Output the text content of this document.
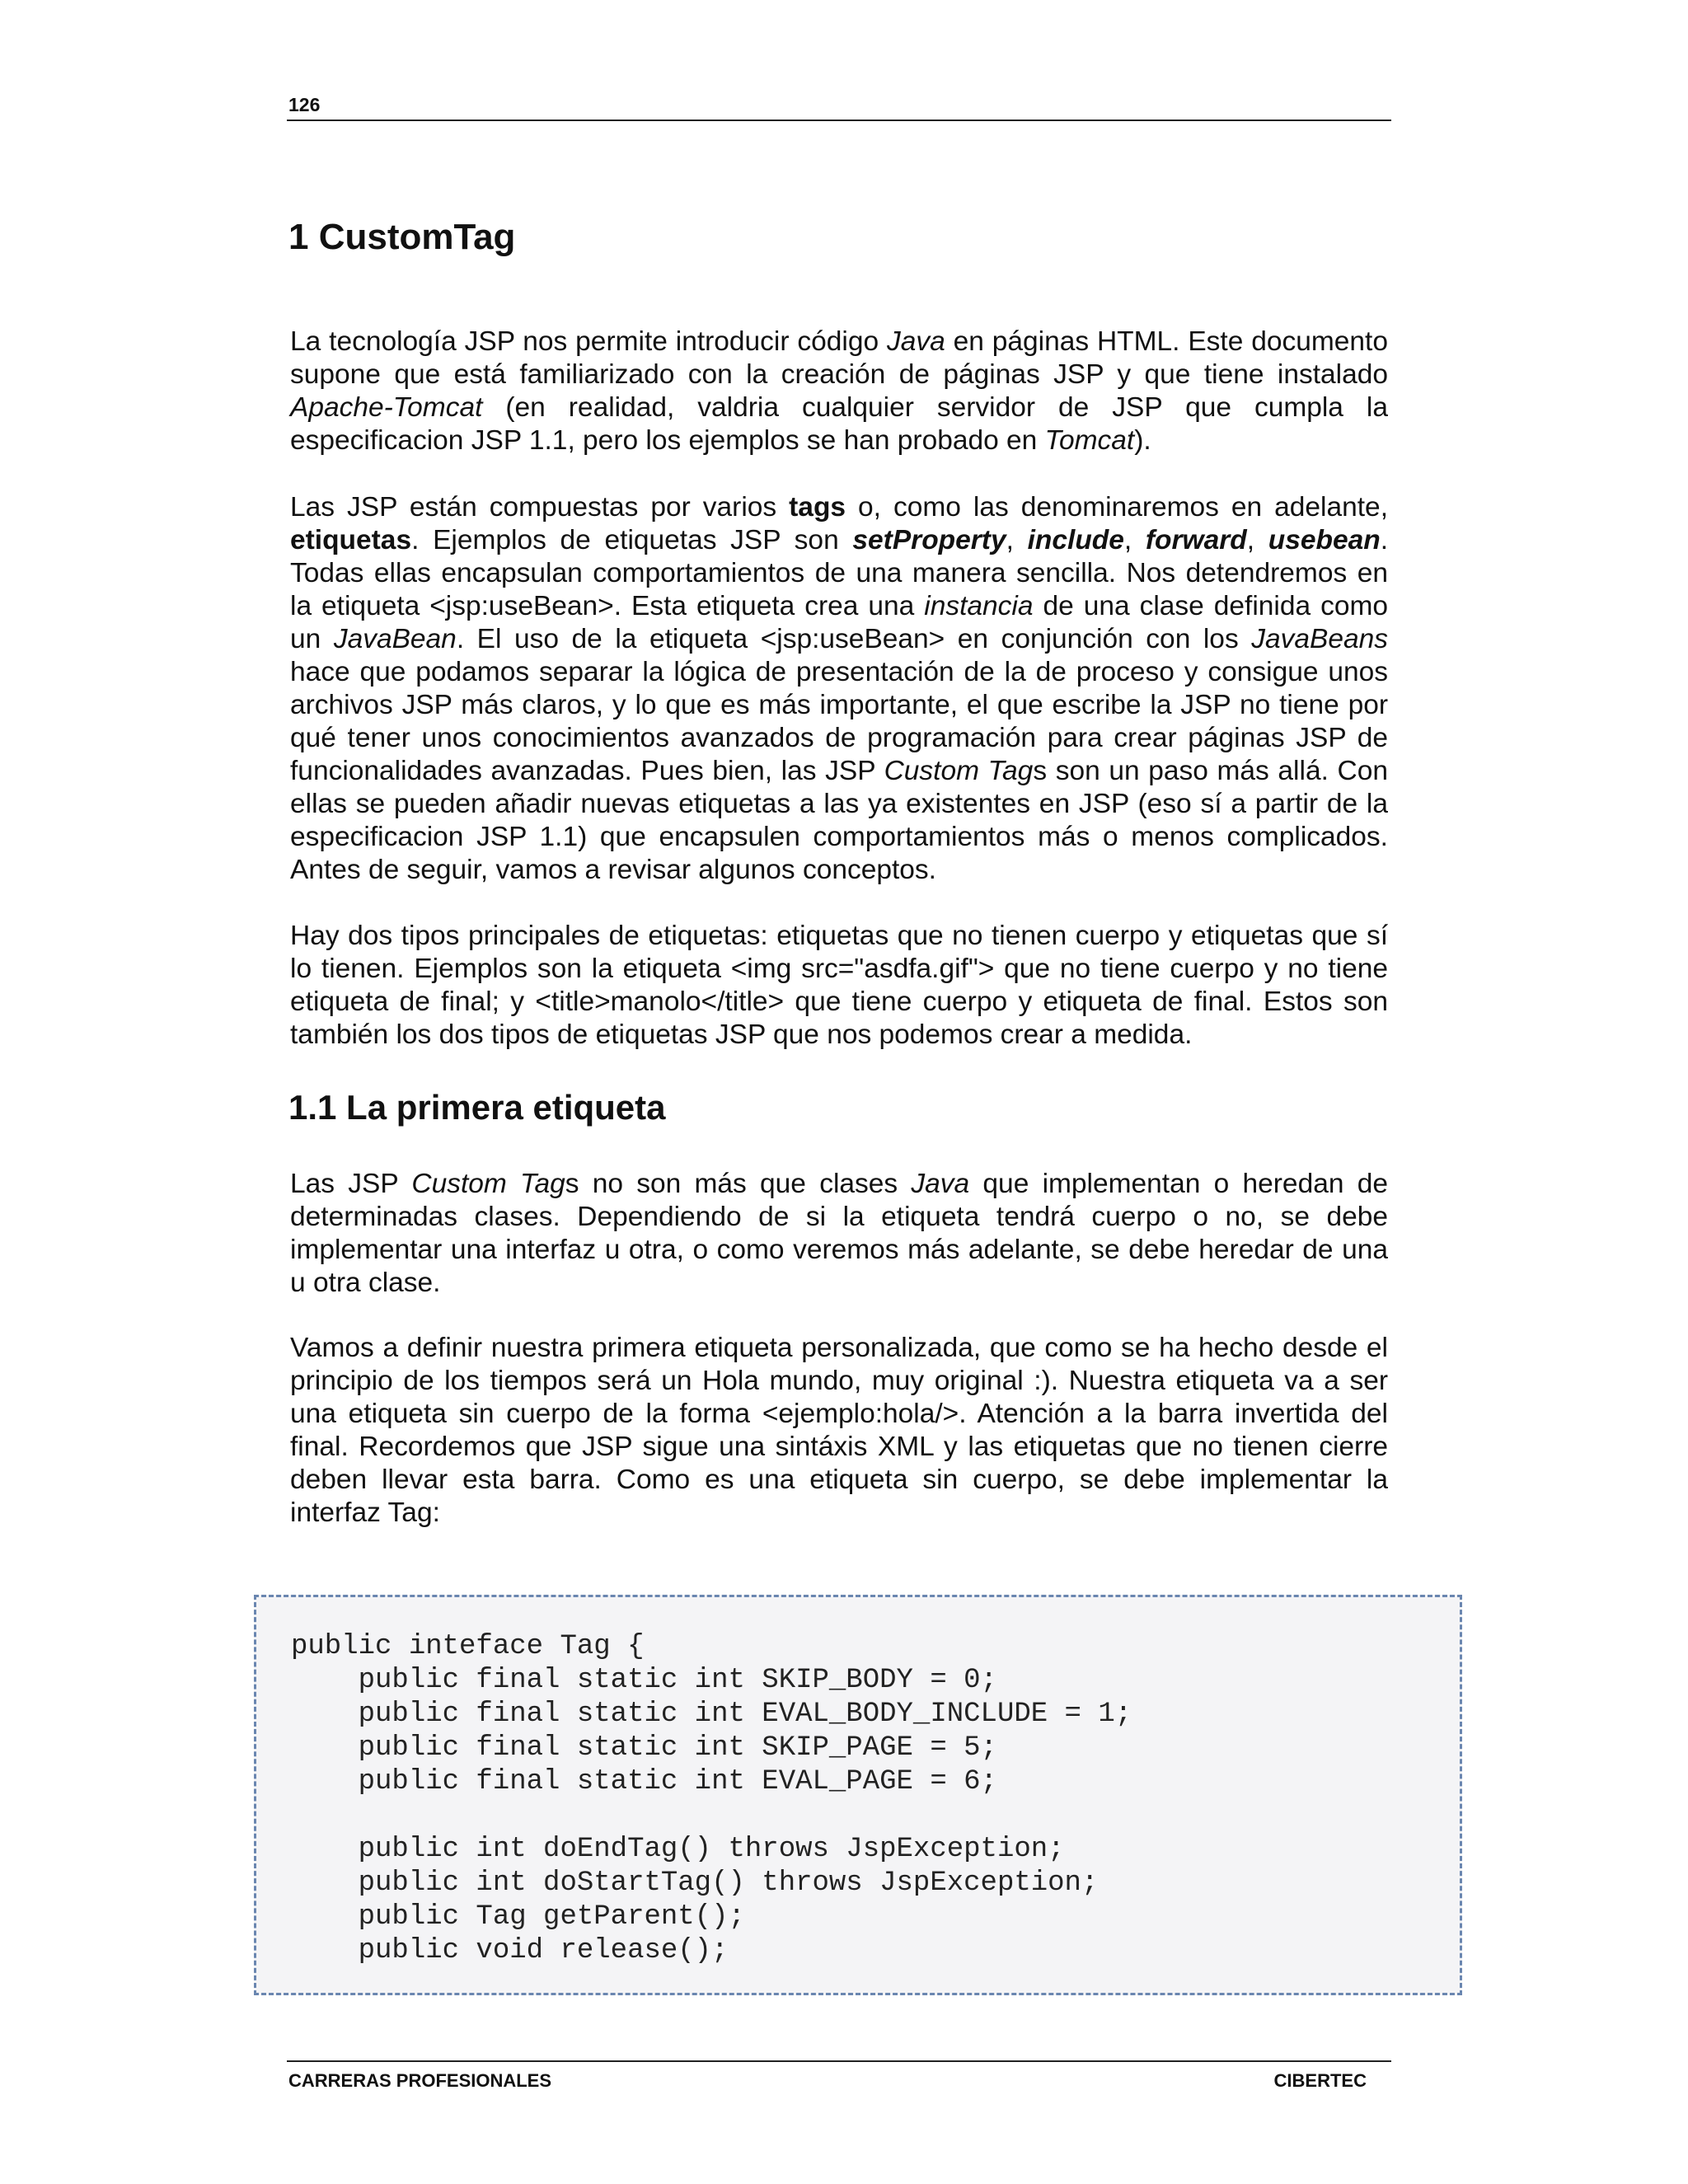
126
1 CustomTag

La tecnología JSP nos permite introducir código Java en páginas HTML. Este documento supone que está familiarizado con la creación de páginas JSP y que tiene instalado Apache-Tomcat (en realidad, valdria cualquier servidor de JSP que cumpla la especificacion JSP 1.1, pero los ejemplos se han probado en Tomcat).

Las JSP están compuestas por varios tags o, como las denominaremos en adelante, etiquetas. Ejemplos de etiquetas JSP son setProperty, include, forward, usebean. Todas ellas encapsulan comportamientos de una manera sencilla. Nos detendremos en la etiqueta <jsp:useBean>. Esta etiqueta crea una instancia de una clase definida como un JavaBean. El uso de la etiqueta <jsp:useBean> en conjunción con los JavaBeans hace que podamos separar la lógica de presentación de la de proceso y consigue unos archivos JSP más claros, y lo que es más importante, el que escribe la JSP no tiene por qué tener unos conocimientos avanzados de programación para crear páginas JSP de funcionalidades avanzadas. Pues bien, las JSP Custom Tags son un paso más allá. Con ellas se pueden añadir nuevas etiquetas a las ya existentes en JSP (eso sí a partir de la especificacion JSP 1.1) que encapsulen comportamientos más o menos complicados. Antes de seguir, vamos a revisar algunos conceptos.

Hay dos tipos principales de etiquetas: etiquetas que no tienen cuerpo y etiquetas que sí lo tienen. Ejemplos son la etiqueta <img src="asdfa.gif"> que no tiene cuerpo y no tiene etiqueta de final; y <title>manolo</title> que tiene cuerpo y etiqueta de final. Estos son también los dos tipos de etiquetas JSP que nos podemos crear a medida.

1.1 La primera etiqueta

Las JSP Custom Tags no son más que clases Java que implementan o heredan de determinadas clases. Dependiendo de si la etiqueta tendrá cuerpo o no, se debe implementar una interfaz u otra, o como veremos más adelante, se debe heredar de una u otra clase.

Vamos a definir nuestra primera etiqueta personalizada, que como se ha hecho desde el principio de los tiempos será un Hola mundo, muy original :). Nuestra etiqueta va a ser una etiqueta sin cuerpo de la forma <ejemplo:hola/>. Atención a la barra invertida del final. Recordemos que JSP sigue una sintáxis XML y las etiquetas que no tienen cierre deben llevar esta barra. Como es una etiqueta sin cuerpo, se debe implementar la interfaz Tag:

public inteface Tag {
public final static int SKIP_BODY = 0;
public final static int EVAL_BODY_INCLUDE = 1;
public final static int SKIP_PAGE = 5;
public final static int EVAL_PAGE = 6;

public int doEndTag() throws JspException;
public int doStartTag() throws JspException;
public Tag getParent();
public void release();
CARRERAS PROFESIONALES	CIBERTEC
